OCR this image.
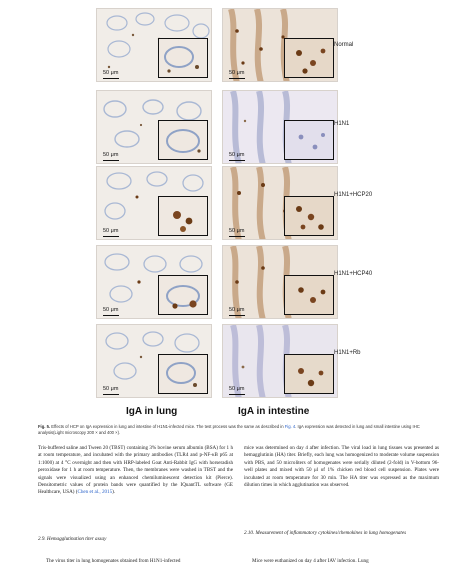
50 μm	50 μm
Normal
50 μm	50 μm
H1N1
50 μm	50 μm
H1N1+HCP20
50 μm	50 μm
H1N1+HCP40
50 μm	50 μm
H1N1+Rb
IgA in lung	IgA in intestine
Fig. 5. Effects of HCP on IgA expression in lung and intestine of H1N1-infected mice. The test process was the same as described in Fig. 4. IgA expression was detected in lung and small intestine using IHC analysis(Light microscopy 200 × and 400 ×).
Tris-buffered saline and Tween 20 (TBST) containing 3% bovine serum albumin (BSA) for 1 h at room temperature, and incubated with the primary antibodies (TLR4 and p-NF-κB p65 at 1:1000) at 4 °C overnight and then with HRP-labeled Goat Anti-Rabbit IgG with horseradish peroxidase for 1 h at room temperature. Then, the membranes were washed in TBST and the signals were visualized using an enhanced chemiluminescent detection kit (Pierce). Densitometric values of protein bands were quantified by the IQuantTL software (GE Healthcare, USA) (Chen et al., 2015).
2.9. Hemagglutination titer assay
The virus titer in lung homogenates obtained from H1N1-infected
mice was determined on day 4 after infection. The viral load in lung tissues was presented as hemagglutinin (HA) titer. Briefly, each lung was homogenized to moderate volume suspension with PBS, and 50 microliters of homogenates were serially diluted (2-fold) in V-bottom 96-well plates and mixed with 50 μl of 1% chicken red blood cell suspension. Plates were incubated at room temperature for 30 min. The HA titer was expressed as the maximum dilution times in which agglutination was observed.
2.10. Measurement of inflammatory cytokines/chemokines in lung homogenates
Mice were euthanized on day 4 after IAV infection. Lung
